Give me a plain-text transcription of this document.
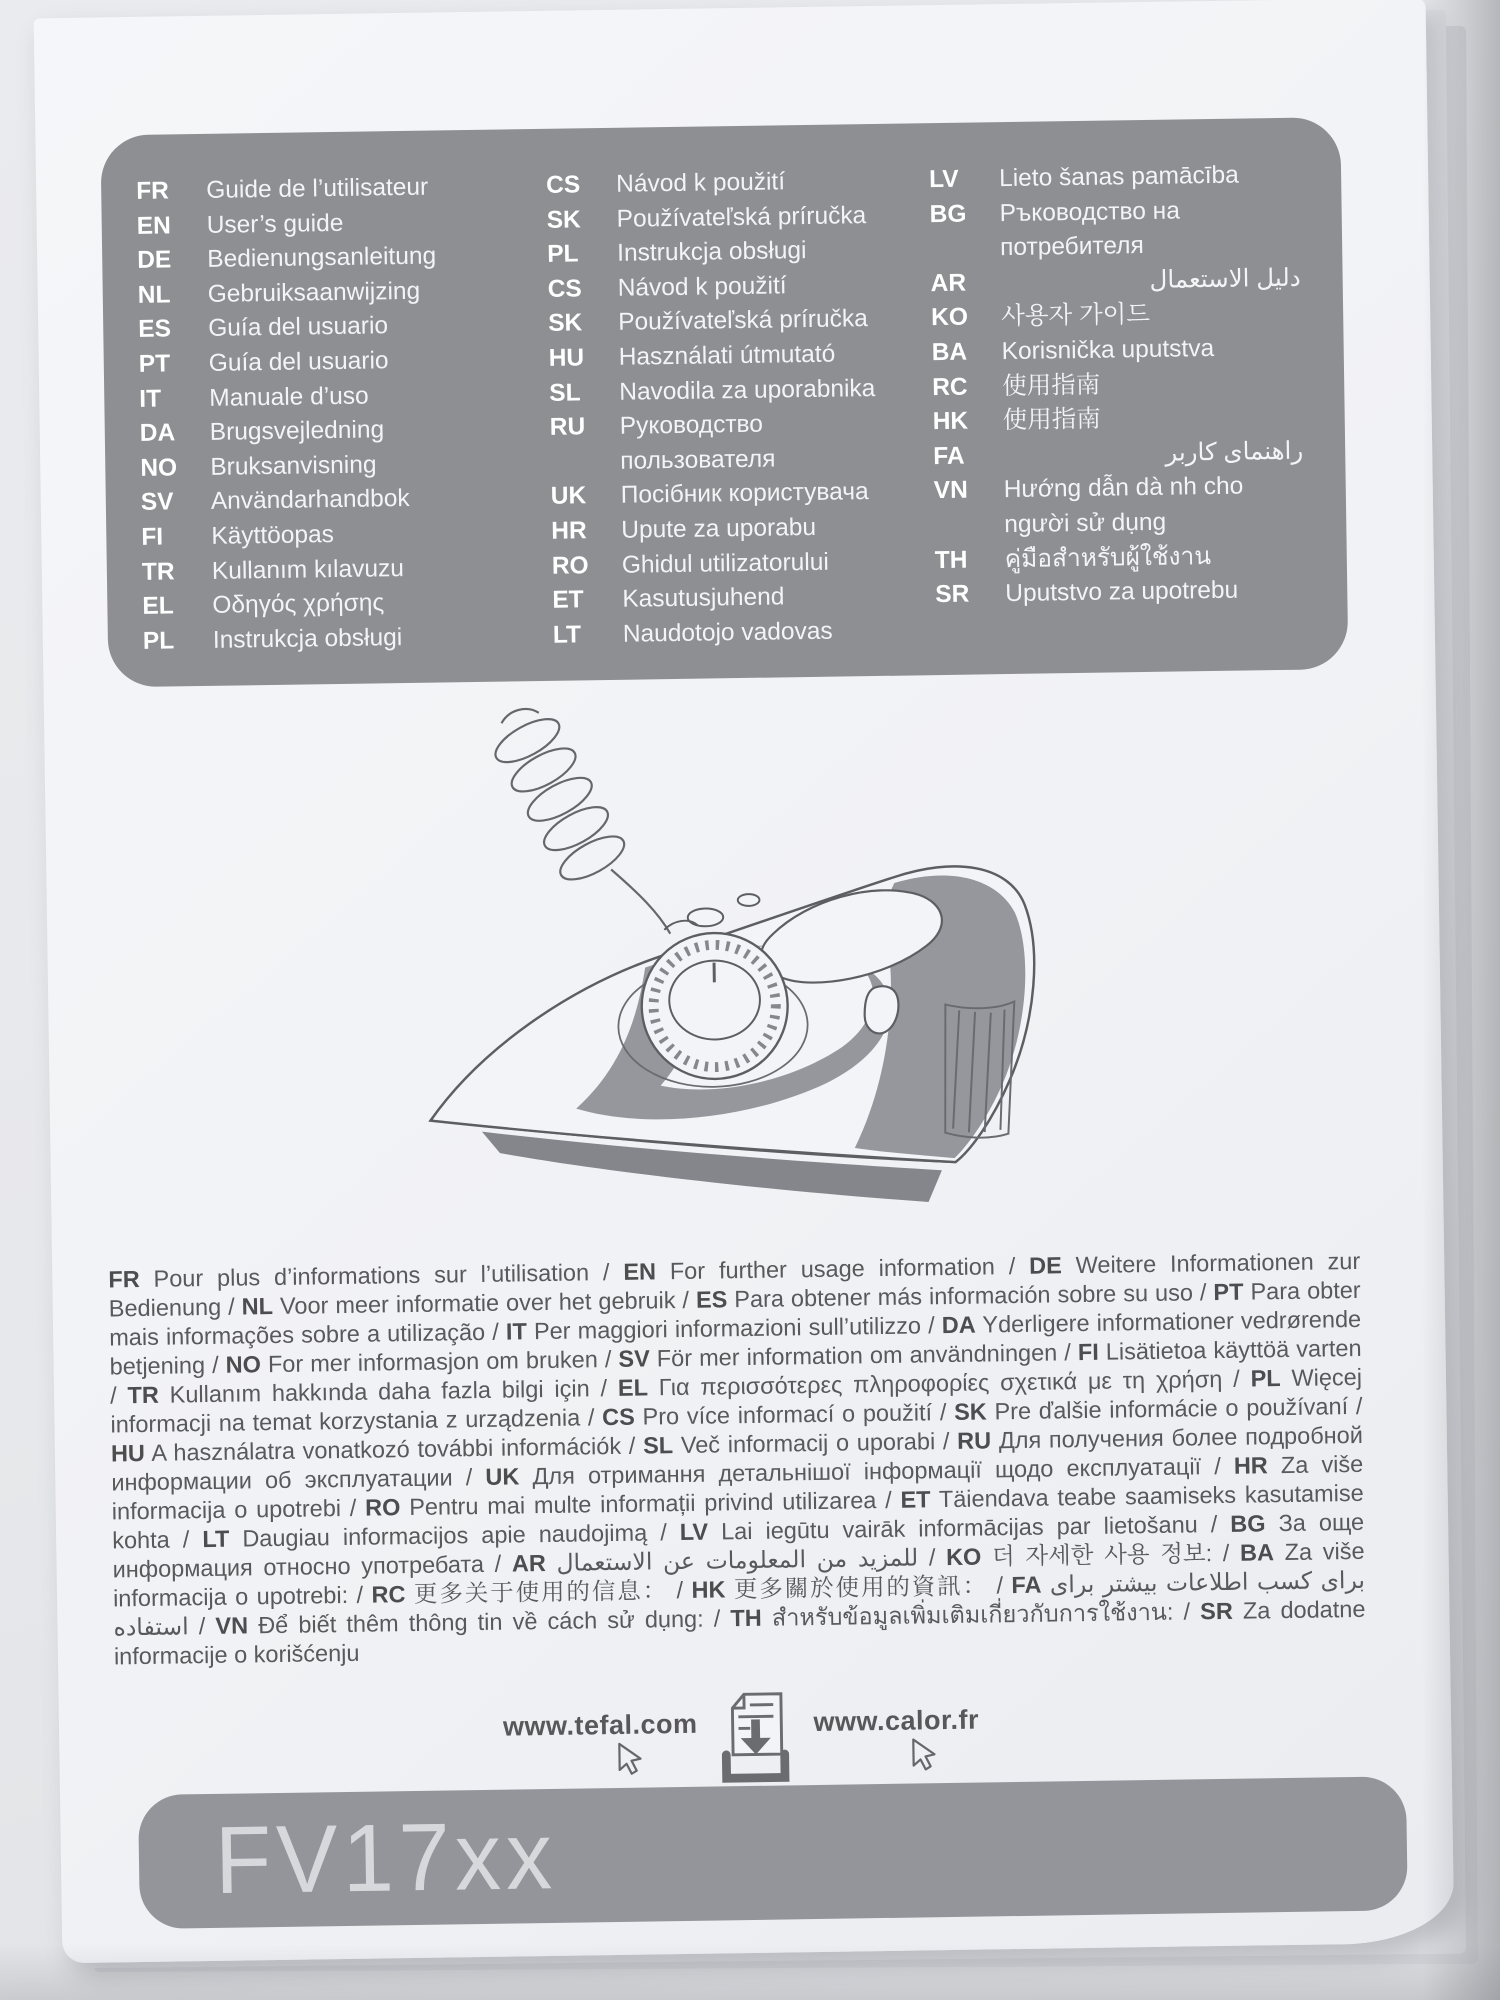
FR	Guide de l’utilisateur
EN	User’s guide
DE	Bedienungsanleitung
NL	Gebruiksaanwijzing
ES	Guía del usuario
PT	Guía del usuario
IT	Manuale d’uso
DA	Brugsvejledning
NO	Bruksanvisning
SV	Användarhandbok
FI	Käyttöopas
TR	Kullanım kılavuzu
EL	Οδηγός χρήσης
PL	Instrukcja obsługi
CS	Návod k použití
SK	Používateľská príručka
PL	Instrukcja obsługi
CS	Návod k použití
SK	Používateľská príručka
HU	Használati útmutató
SL	Navodila za uporabnika
RU	Руководство пользователя
UK	Посібник користувача
HR	Upute za uporabu
RO	Ghidul utilizatorului
ET	Kasutusjuhend
LT	Naudotojo vadovas
LV	Lieto šanas pamācība
BG	Ръководство на потребителя
AR	دليل الاستعمال
KO	사용자 가이드
BA	Korisnička uputstva
RC	使用指南
HK	使用指南
FA	راهنمای کاربر
VN	Hướng dẫn dà nh cho người sử dụng
TH	คู่มือสำหรับผู้ใช้งาน
SR	Uputstvo za upotrebu

FR Pour plus d’informations sur l’utilisation / EN For further usage information / DE Weitere Informationen zur Bedienung / NL Voor meer informatie over het gebruik / ES Para obtener más información sobre su uso / PT Para obter mais informações sobre a utilização / IT Per maggiori informazioni sull’utilizzo / DA Yderligere informationer vedrørende betjening / NO For mer informasjon om bruken / SV För mer information om användningen / FI Lisätietoa käyttöä varten / TR Kullanım hakkında daha fazla bilgi için / EL Για περισσότερες πληροφορίες σχετικά με τη χρήση / PL Więcej informacji na temat korzystania z urządzenia / CS Pro více informací o použití / SK Pre ďalšie informácie o používaní / HU A használatra vonatkozó további információk / SL Več informacij o uporabi / RU Для получения более подробной информации об эксплуатации / UK Для отримання детальнішої інформації щодо експлуатації / HR Za više informacija o upotrebi / RO Pentru mai multe informații privind utilizarea / ET Täiendava teabe saamiseks kasutamise kohta / LT Daugiau informacijos apie naudojimą / LV Lai iegūtu vairāk informācijas par lietošanu / BG За още информация относно употребата / AR للمزيد من المعلومات عن الاستعمال / KO 더 자세한 사용 정보: / BA Za više informacija o upotrebi: / RC 更多关于使用的信息： / HK 更多關於使用的資訊： / FA برای کسب اطلاعات بیشتر برای استفاده / VN Để biết thêm thông tin về cách sử dụng: / TH สำหรับข้อมูลเพิ่มเติมเกี่ยวกับการใช้งาน: / SR Za dodatne informacije o korišćenju

www.tefal.com	www.calor.fr
FV17xx
